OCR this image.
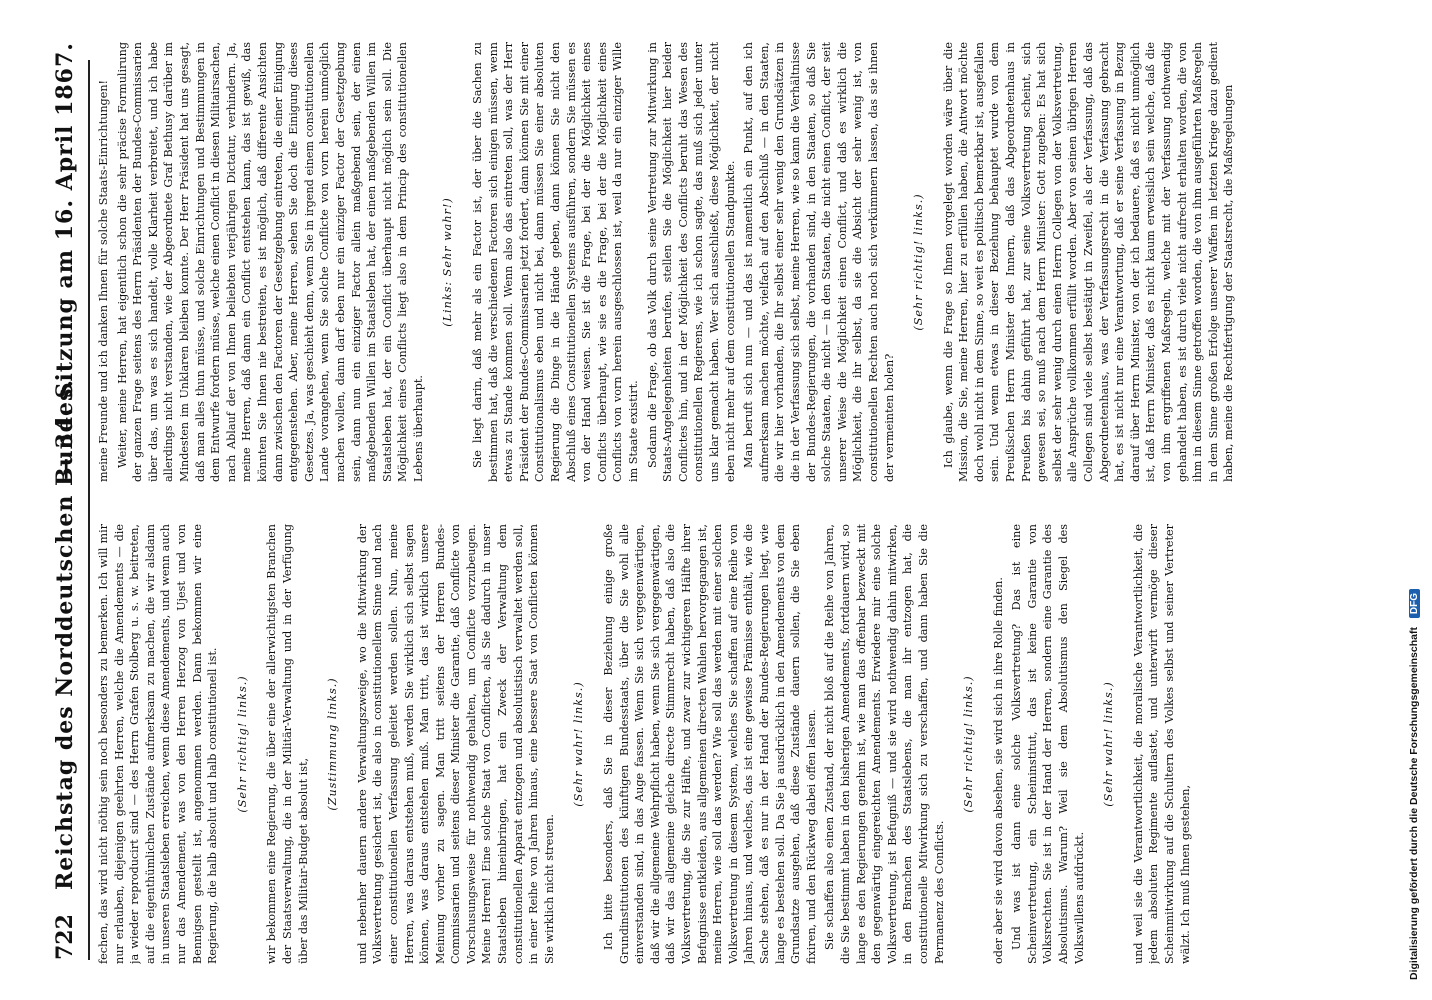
722
Reichstag des Norddeutschen Bundes.
— 34. Sitzung am 16. April 1867.

fechen, das wird nicht nöthig sein noch besonders zu bemerken. Ich will mir nur erlauben, diejenigen geehrten Herren, welche die Amendements — die ja wieder reproducirt sind — des Herrn Grafen Stolberg u. s. w. beitreten, auf die eigenthümlichen Zustände aufmerksam zu machen, die wir alsdann in unseren Staatsleben erreichen, wenn diese Amendements, und wenn auch nur das Amendement, was von den Herren Herzog von Ujest und von Bennigsen gestellt ist, angenommen werden. Dann bekommen wir eine Regierung, die halb absolut und halb constitutionell ist. (Sehr richtig! links.) wir bekommen eine Regierung, die über eine der allerwichtigsten Branchen der Staatsverwaltung, die in der Militär-Verwaltung und in der Verfügung über das Militair-Budget absolut ist,

(Zustimmung links.) und nebenher dauern andere Verwaltungszweige, wo die Mitwirkung der Volksvertretung gesichert ist, die also in constitutionellem Sinne und nach einer constitutionellen Verfassung geleitet werden sollen. Nun, meine Herren, was daraus entstehen muß, werden Sie wirklich sich selbst sagen können, was daraus entstehen muß. Man tritt, das ist wirklich unsere Meinung vorher zu sagen. Man tritt seitens der Herren Bundes-Commissarien und seitens dieser Minister die Garantie, daß Conflicte von Vorschusungsweise für nothwendig gehalten, um Conflicte vorzubeugen. Meine Herren! Eine solche Staat von Conflicten, als Sie dadurch in unser Staatsleben hineinbringen, hat ein Zweck der Verwaltung dem constitutionellen Apparat entzogen und absolutistisch verwaltet werden soll, in einer Reihe von Jahren hinaus, eine bessere Saat von Conflicten können Sie wirklich nicht streuen.

(Sehr wahr! links.) Ich bitte besonders, daß Sie in dieser Beziehung einige große Grundinstitutionen des künftigen Bundesstaats, über die Sie wohl alle einverstanden sind, in das Auge fassen. Wenn Sie sich vergegenwärtigen, daß wir die allgemeine Wehrpflicht haben, wenn Sie sich vergegenwärtigen, daß wir das allgemeine gleiche directe Stimmrecht haben, daß also die Volksvertretung, die Sie zur Hälfte, und zwar zur wichtigeren Hälfte ihrer Befugnisse entkleiden, aus allgemeinen directen Wahlen hervorgegangen ist, meine Herren, wie soll das werden? Wie soll das werden mit einer solchen Volksvertretung in diesem System, welches Sie schaffen auf eine Reihe von Jahren hinaus, und welches, das ist eine gewisse Prämisse enthält, wie die Sache stehen, daß es nur in der Hand der Bundes-Regierungen liegt, wie lange es bestehen soll. Da Sie ja ausdrücklich in den Amendements von dem Grundsatze ausgehen, daß diese Zustände dauern sollen, die Sie eben fixiren, und den Rückweg dabei offen lassen. Sie schaffen also einen Zustand, der nicht bloß auf die Reihe von Jahren, die Sie bestimmt haben in den bisherigen Amendements, fortdauern wird, so lange es den Regierungen genehm ist, wie man das offenbar bezweckt mit den gegenwärtig eingereichten Amendements. Erwiedere mir eine solche Volksvertretung, ist Befugniß — und sie wird nothwendig dahin mitwirken, in den Branchen des Staatslebens, die man ihr entzogen hat, die constitutionelle Mitwirkung sich zu verschaffen, und dann haben Sie die Permanenz des Conflicts.

(Sehr richtig! links.) oder aber sie wird davon absehen, sie wird sich in ihre Rolle finden. Und was ist dann eine solche Volksvertretung? Das ist eine Scheinvertretung, ein Scheininstitut, das ist keine Garantie von Volksrechten. Sie ist in der Hand der Herren, sondern eine Garantie des Absolutismus. Warum? Weil sie dem Absolutismus den Siegel des Volkswillens aufdrückt.

(Sehr wahr! links.) und weil sie die Verantwortlichkeit, die moralische Verantwortlichkeit, die jedem absoluten Regimente auflastet, und unterwirft vermöge dieser Scheinmitwirkung auf die Schultern des Volkes selbst und seiner Vertreter wälzt. Ich muß Ihnen gestehen,

meine Freunde und ich danken Ihnen für solche Staats-Einrichtungen! Weiter, meine Herren, hat eigentlich schon die sehr präcise Formulirung der ganzen Frage seitens des Herrn Präsidenten der Bundes-Commissarien über das, um was es sich handelt, volle Klarheit verbreitet, und ich habe allerdings nicht verstanden, wie der Abgeordnete Graf Bethusy darüber im Mindesten im Unklaren bleiben konnte. Der Herr Präsident hat uns gesagt, daß man alles thun müsse, und solche Einrichtungen und Bestimmungen in dem Entwurfe fordern müsse, welche einen Conflict in diesen Militairsachen, nach Ablauf der von Ihnen beliebten vierjährigen Dictatur, verhindern. Ja, meine Herren, daß dann ein Conflict entstehen kann, das ist gewiß, das könnten Sie Ihnen nie bestreiten, es ist möglich, daß differente Ansichten dann zwischen den Factoren der Gesetzgebung eintreten, die einer Einigung entgegenstehen. Aber, meine Herren, sehen Sie doch die Einigung dieses Gesetzes. Ja, was geschieht denn, wenn Sie in irgend einem constitutionellen Lande vorangehen, wenn Sie solche Conflicte von vorn herein unmöglich machen wollen, dann darf eben nur ein einziger Factor der Gesetzgebung sein, dann nun ein einziger Factor allein maßgebend sein, der einen maßgebenden Willen im Staatsleben hat, der einen maßgebenden Willen im Staatsleben hat, der ein Conflict überhaupt nicht möglich sein soll. Die Möglichkeit eines Conflicts liegt also in dem Princip des constitutionellen Lebens überhaupt.

(Links: Sehr wahr!) Sie liegt darin, daß mehr als ein Factor ist, der über die Sachen zu bestimmen hat, daß die verschiedenen Factoren sich einigen müssen, wenn etwas zu Stande kommen soll. Wenn also das eintreten soll, was der Herr Präsident der Bundes-Commissarien jetzt fordert, dann können Sie mit einer Constitutionalismus eben und nicht bei, dann müssen Sie einer absoluten Regierung die Dinge in die Hände geben, dann können Sie nicht den Abschluß eines Constitutionellen Systems ausführen, sondern Sie müssen es von der Hand weisen. Sie ist die Frage, bei der die Möglichkeit eines Conflicts überhaupt, wie sie es die Frage, bei der die Möglichkeit eines Conflicts von vorn herein ausgeschlossen ist, weil da nur ein einziger Wille im Staate existirt. Sodann die Frage, ob das Volk durch seine Vertretung zur Mitwirkung in Staats-Angelegenheiten berufen, stellen Sie die Möglichkeit hier beider Conflictes hin, und in der Möglichkeit des Conflicts beruht das Wesen des constitutionellen Regierens, wie ich schon sagte, das muß sich jeder unter uns klar gemacht haben. Wer sich ausschließt, diese Möglichkeit, der nicht eben nicht mehr auf dem constitutionellen Standpunkte. Man beruft sich nun — und das ist namentlich ein Punkt, auf den ich aufmerksam machen möchte, vielfach auf den Abschluß — in den Staaten, die wir hier vorhanden, die Ihr selbst einer sehr wenig den Grundsätzen in die in der Verfassung sich selbst, meine Herren, wie so kann die Verhältnisse der Bundes-Regierungen, die vorhanden sind, in den Staaten, so daß Sie solche Staaten, die nicht — in den Staaten, die nicht einen Conflict, der seit unserer Weise die Möglichkeit einen Conflict, und daß es wirklich die Möglichkeit, die ihr selbst, da sie die Absicht der sehr wenig ist, von constitutionellen Rechten auch noch sich verkümmern lassen, das sie ihnen der vermeinten holen?

(Sehr richtig! links.) Ich glaube, wenn die Frage so Ihnen vorgelegt worden wäre über die Mission, die Sie, meine Herren, hier zu erfüllen haben, die Antwort möchte doch wohl nicht in dem Sinne, so weit es politisch bemerkbar ist, ausgefallen sein. Und wenn etwas in dieser Beziehung behauptet wurde von dem Preußischen Herrn Minister des Innern, daß das Abgeordnetenhaus in Preußen bis dahin geführt hat, zur seine Volksvertretung scheint, sich gewesen sei, so muß nach dem Herrn Minister: Gott zugeben: Es hat sich selbst der sehr wenig durch einen Herrn Collegen von der Volksvertretung, alle Ansprüche vollkommen erfüllt worden. Aber von seinen übrigen Herren Collegen sind viele selbst bestätigt in Zweifel, als der Verfassung, daß das Abgeordnetenhaus, was der Verfassungsrecht in die Verfassung gebracht hat, es ist nicht nur eine Verantwortung, daß er seine Verfassung in Bezug darauf über Herrn Minister, von der ich bedauere, daß es nicht unmöglich ist, daß Herrn Minister, daß es nicht kaum erweislich sein welche, daß die von ihm ergriffenen Maßregeln, welche mit der Verfassung nothwendig gehandelt haben, es ist durch viele nicht aufrecht erhalten worden, die von ihm in diesem Sinne getroffen worden, die von ihm ausgeführten Maßregeln in dem Sinne großen Erfolge unserer Waffen im letzten Kriege dazu gedient haben, meine die Rechtfertigung der Staatsrecht, die Maßregelungen

Digitalisierung gefördert durch die Deutsche Forschungsgemeinschaft DFG
